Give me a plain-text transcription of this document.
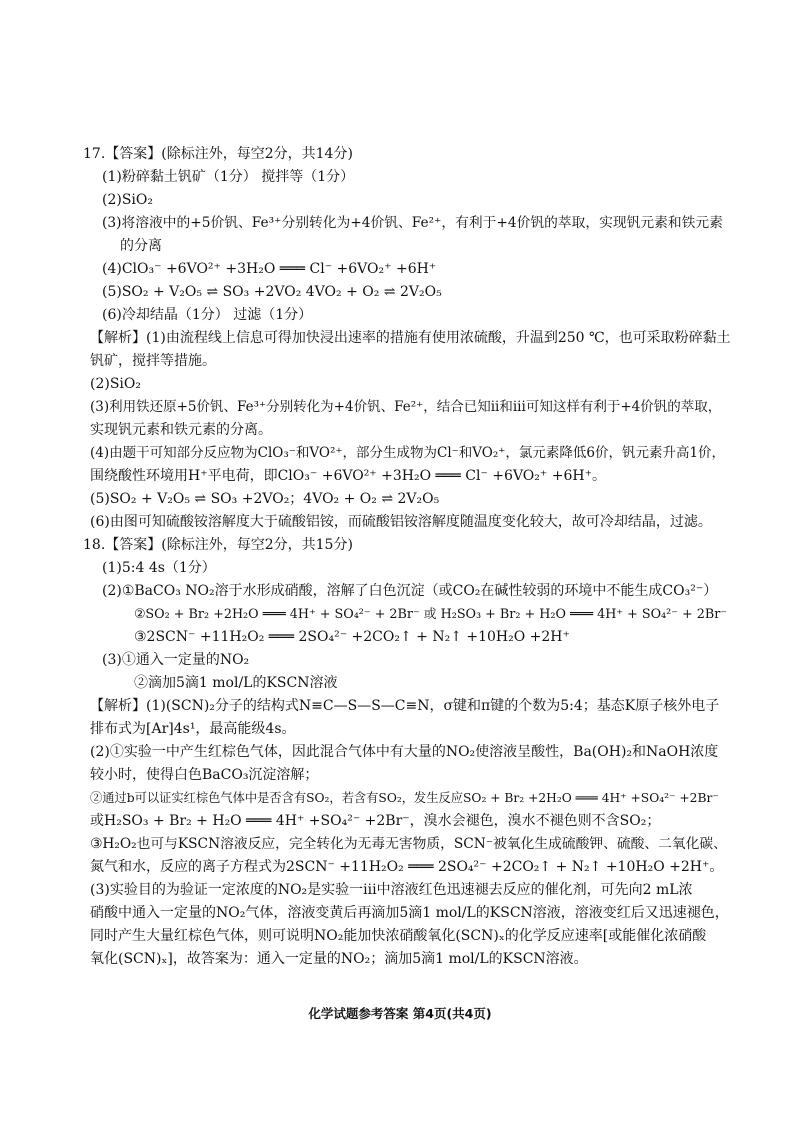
17.【答案】(除标注外，每空2分，共14分)
(1)粉碎黏土钒矿（1分） 搅拌等（1分）
(2)SiO₂
(3)将溶液中的+5价钒、Fe³⁺分别转化为+4价钒、Fe²⁺，有利于+4价钒的萃取，实现钒元素和铁元素
的分离
(4)ClO₃⁻ +6VO²⁺ +3H₂O ═══ Cl⁻ +6VO₂⁺ +6H⁺
(5)SO₂ + V₂O₅ ⇌ SO₃ +2VO₂ 4VO₂ + O₂ ⇌ 2V₂O₅
(6)冷却结晶（1分） 过滤（1分）
【解析】(1)由流程线上信息可得加快浸出速率的措施有使用浓硫酸，升温到250 ℃，也可采取粉碎黏土
钒矿，搅拌等措施。
(2)SiO₂
(3)利用铁还原+5价钒、Fe³⁺分别转化为+4价钒、Fe²⁺，结合已知ii和iii可知这样有利于+4价钒的萃取，
实现钒元素和铁元素的分离。
(4)由题干可知部分反应物为ClO₃⁻和VO²⁺，部分生成物为Cl⁻和VO₂⁺，氯元素降低6价，钒元素升高1价，
围绕酸性环境用H⁺平电荷，即ClO₃⁻ +6VO²⁺ +3H₂O ═══ Cl⁻ +6VO₂⁺ +6H⁺。
(5)SO₂ + V₂O₅ ⇌ SO₃ +2VO₂；4VO₂ + O₂ ⇌ 2V₂O₅
(6)由图可知硫酸铵溶解度大于硫酸铝铵，而硫酸铝铵溶解度随温度变化较大，故可冷却结晶，过滤。
18.【答案】(除标注外，每空2分，共15分)
(1)5:4 4s（1分）
(2)①BaCO₃ NO₂溶于水形成硝酸，溶解了白色沉淀（或CO₂在碱性较弱的环境中不能生成CO₃²⁻）
②SO₂ + Br₂ +2H₂O ═══ 4H⁺ + SO₄²⁻ + 2Br⁻ 或 H₂SO₃ + Br₂ + H₂O ═══ 4H⁺ + SO₄²⁻ + 2Br⁻
③2SCN⁻ +11H₂O₂ ═══ 2SO₄²⁻ +2CO₂↑ + N₂↑ +10H₂O +2H⁺
(3)①通入一定量的NO₂
②滴加5滴1 mol/L的KSCN溶液
【解析】(1)(SCN)₂分子的结构式N≡C—S—S—C≡N，σ键和π键的个数为5:4；基态K原子核外电子
排布式为[Ar]4s¹，最高能级4s。
(2)①实验一中产生红棕色气体，因此混合气体中有大量的NO₂使溶液呈酸性，Ba(OH)₂和NaOH浓度
较小时，使得白色BaCO₃沉淀溶解；
②通过b可以证实红棕色气体中是否含有SO₂，若含有SO₂，发生反应SO₂ + Br₂ +2H₂O ═══ 4H⁺ +SO₄²⁻ +2Br⁻
或H₂SO₃ + Br₂ + H₂O ═══ 4H⁺ +SO₄²⁻ +2Br⁻，溴水会褪色，溴水不褪色则不含SO₂；
③H₂O₂也可与KSCN溶液反应，完全转化为无毒无害物质，SCN⁻被氧化生成硫酸钾、硫酸、二氧化碳、
氮气和水，反应的离子方程式为2SCN⁻ +11H₂O₂ ═══ 2SO₄²⁻ +2CO₂↑ + N₂↑ +10H₂O +2H⁺。
(3)实验目的为验证一定浓度的NO₂是实验一iii中溶液红色迅速褪去反应的催化剂，可先向2 mL浓
硝酸中通入一定量的NO₂气体，溶液变黄后再滴加5滴1 mol/L的KSCN溶液，溶液变红后又迅速褪色，
同时产生大量红棕色气体，则可说明NO₂能加快浓硝酸氧化(SCN)ₓ的化学反应速率[或能催化浓硝酸
氧化(SCN)ₓ]，故答案为：通入一定量的NO₂；滴加5滴1 mol/L的KSCN溶液。
化学试题参考答案 第4页(共4页)
